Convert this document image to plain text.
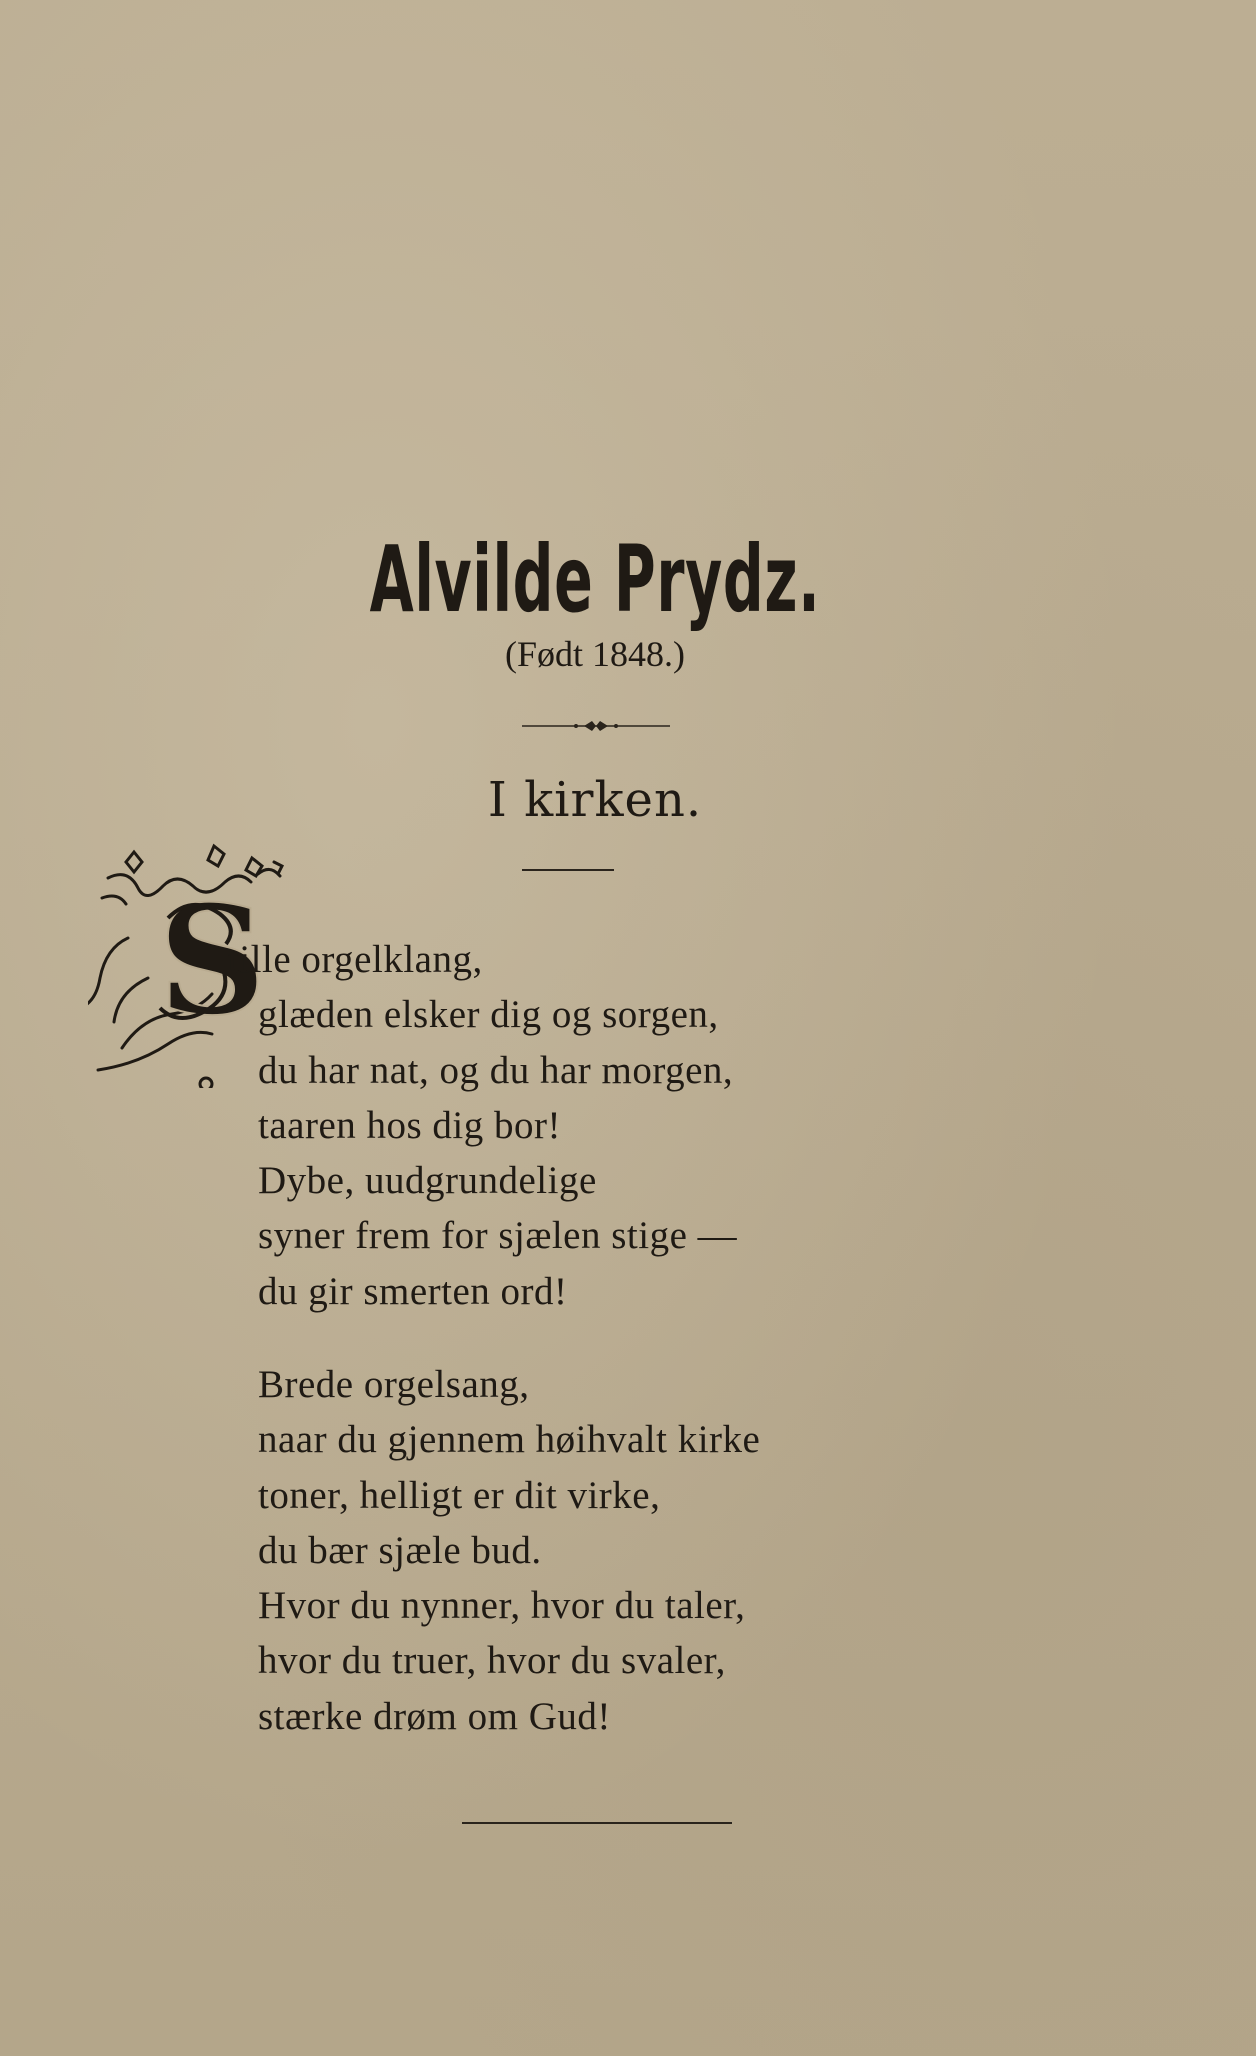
Alvilde Prydz.
(Født 1848.)
I kirken.
S
tille orgelklang,
glæden elsker dig og sorgen,
du har nat, og du har morgen,
taaren hos dig bor!
Dybe, uudgrundelige
syner frem for sjælen stige —
du gir smerten ord!
Brede orgelsang,
naar du gjennem høihvalt kirke
toner, helligt er dit virke,
du bær sjæle bud.
Hvor du nynner, hvor du taler,
hvor du truer, hvor du svaler,
stærke drøm om Gud!
